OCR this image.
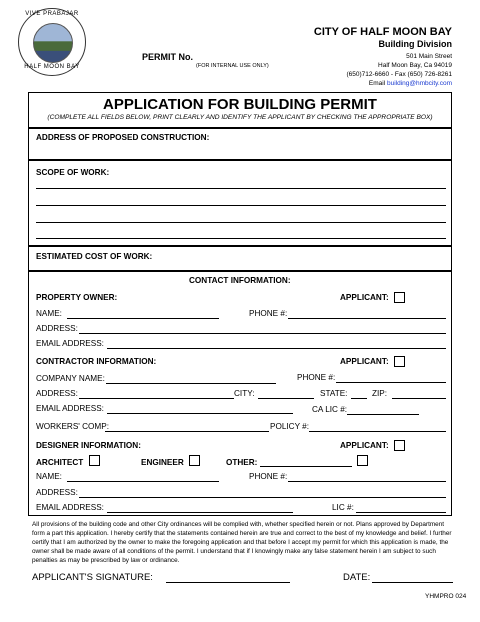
VIVE PRABAJAR
HALF MOON BAY
CITY OF HALF MOON BAY
Building Division
501 Main Street
Half Moon Bay, Ca 94019
(650)712-6660 - Fax (650) 726-8261
Email building@hmbcity.com
PERMIT No.
(FOR INTERNAL USE ONLY)
APPLICATION FOR BUILDING PERMIT
(COMPLETE ALL FIELDS BELOW, PRINT CLEARLY AND IDENTIFY THE APPLICANT BY CHECKING THE APPROPRIATE BOX)
ADDRESS OF PROPOSED CONSTRUCTION:
SCOPE OF WORK:
ESTIMATED COST OF WORK:
CONTACT INFORMATION:
PROPERTY OWNER:	APPLICANT:
NAME:	PHONE #:
ADDRESS:
EMAIL ADDRESS:
CONTRACTOR INFORMATION:	APPLICANT:
COMPANY NAME:	PHONE #:
ADDRESS:	CITY:	STATE:	ZIP:
EMAIL ADDRESS:	CA LIC #:
WORKERS' COMP:	POLICY #:
DESIGNER INFORMATION:	APPLICANT:
ARCHITECT	ENGINEER	OTHER:
NAME:	PHONE #:
ADDRESS:
EMAIL ADDRESS:	LIC #:
All provisions of the building code and other City ordinances will be complied with, whether specified herein or not. Plans approved by Department form a part this application. I hereby certify that the statements contained herein are true and correct to the best of my knowledge and belief. I further certify that I am authorized by the owner to make the foregoing application and that before I accept my permit for which this application is made, the owner shall be made aware of all conditions of the permit. I understand that if I knowingly make any false statement herein I am subject to such penalties as may be prescribed by law or ordinance.
APPLICANT'S SIGNATURE:	DATE:
YHMPRO 024
